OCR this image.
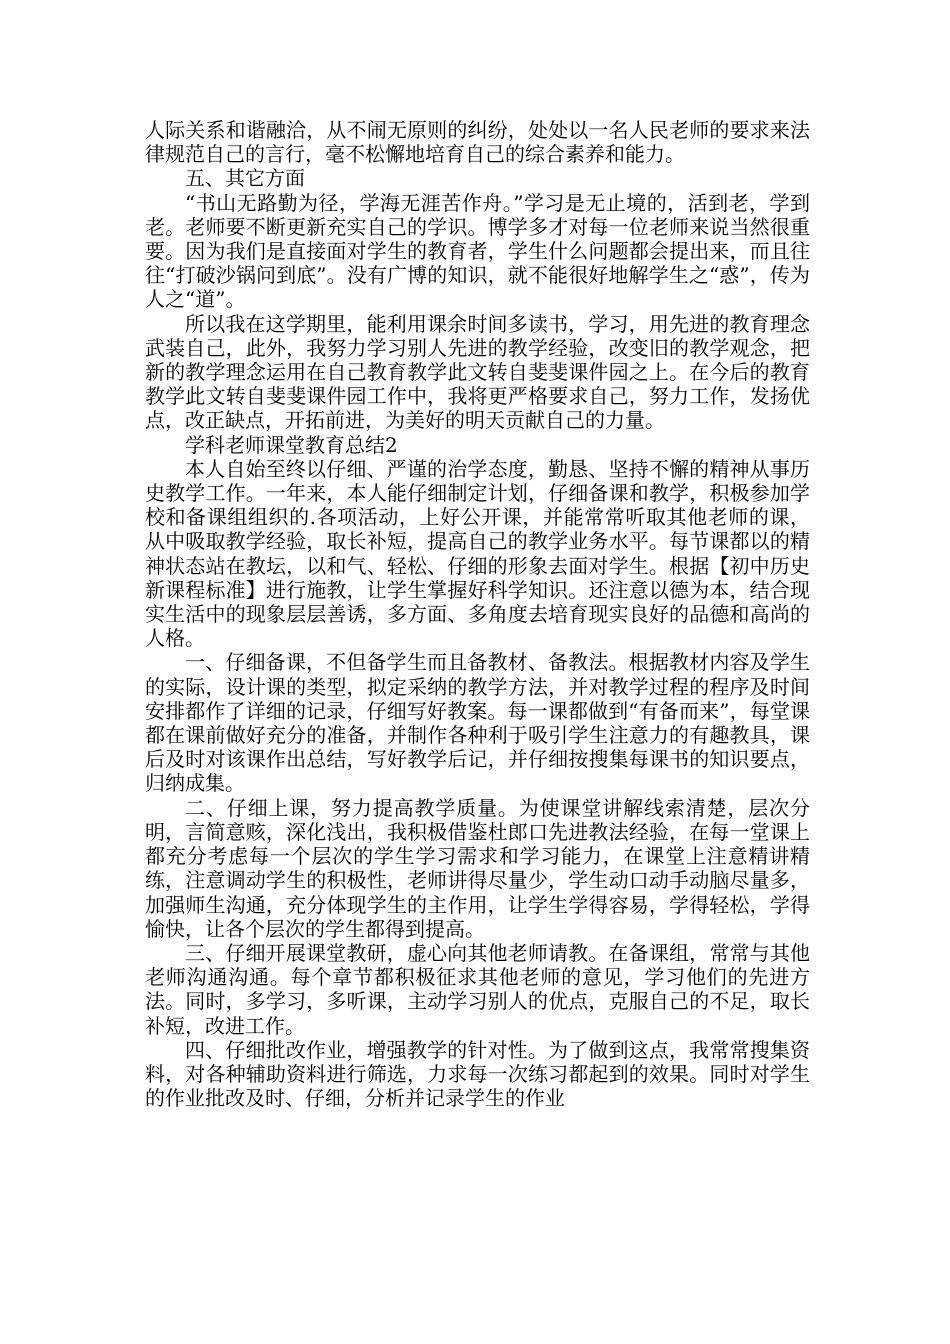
人际关系和谐融洽，从不闹无原则的纠纷，处处以一名人民老师的要求来法律规范自己的言行，毫不松懈地培育自己的综合素养和能力。

五、其它方面

“书山无路勤为径，学海无涯苦作舟。”学习是无止境的，活到老，学到老。老师要不断更新充实自己的学识。博学多才对每一位老师来说当然很重要。因为我们是直接面对学生的教育者，学生什么问题都会提出来，而且往往“打破沙锅问到底”。没有广博的知识，就不能很好地解学生之“惑”，传为人之“道”。

所以我在这学期里，能利用课余时间多读书，学习，用先进的教育理念武装自己，此外，我努力学习别人先进的教学经验，改变旧的教学观念，把新的教学理念运用在自己教育教学此文转自斐斐课件园之上。在今后的教育教学此文转自斐斐课件园工作中，我将更严格要求自己，努力工作，发扬优点，改正缺点，开拓前进，为美好的明天贡献自己的力量。

学科老师课堂教育总结2

本人自始至终以仔细、严谨的治学态度，勤恳、坚持不懈的精神从事历史教学工作。一年来，本人能仔细制定计划，仔细备课和教学，积极参加学校和备课组组织的.各项活动，上好公开课，并能常常听取其他老师的课，从中吸取教学经验，取长补短，提高自己的教学业务水平。每节课都以的精神状态站在教坛，以和气、轻松、仔细的形象去面对学生。根据【初中历史新课程标准】进行施教，让学生掌握好科学知识。还注意以德为本，结合现实生活中的现象层层善诱，多方面、多角度去培育现实良好的品德和高尚的人格。

一、仔细备课，不但备学生而且备教材、备教法。根据教材内容及学生的实际，设计课的类型，拟定采纳的教学方法，并对教学过程的程序及时间安排都作了详细的记录，仔细写好教案。每一课都做到“有备而来”，每堂课都在课前做好充分的准备，并制作各种利于吸引学生注意力的有趣教具，课后及时对该课作出总结，写好教学后记，并仔细按搜集每课书的知识要点，归纳成集。

二、仔细上课，努力提高教学质量。为使课堂讲解线索清楚，层次分明，言简意赅，深化浅出，我积极借鉴杜郎口先进教法经验，在每一堂课上都充分考虑每一个层次的学生学习需求和学习能力，在课堂上注意精讲精练，注意调动学生的积极性，老师讲得尽量少，学生动口动手动脑尽量多，加强师生沟通，充分体现学生的主作用，让学生学得容易，学得轻松，学得愉快，让各个层次的学生都得到提高。

三、仔细开展课堂教研，虚心向其他老师请教。在备课组，常常与其他老师沟通沟通。每个章节都积极征求其他老师的意见，学习他们的先进方法。同时，多学习，多听课，主动学习别人的优点，克服自己的不足，取长补短，改进工作。

四、仔细批改作业，增强教学的针对性。为了做到这点，我常常搜集资料，对各种辅助资料进行筛选，力求每一次练习都起到的效果。同时对学生的作业批改及时、仔细，分析并记录学生的作业
